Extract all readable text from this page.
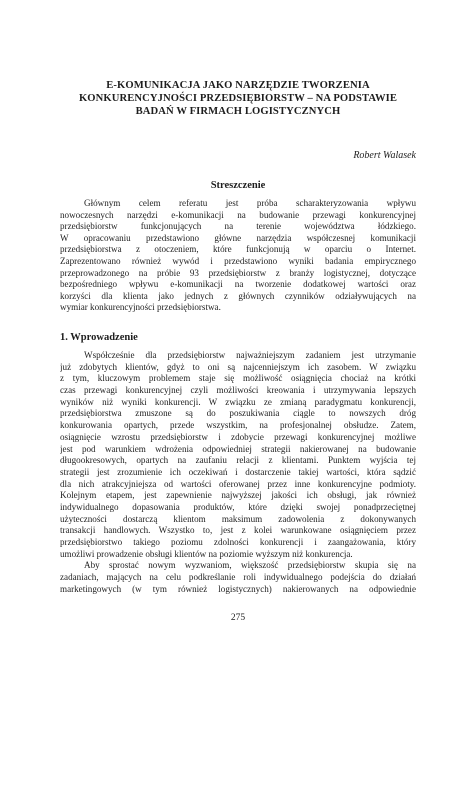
E-KOMUNIKACJA JAKO NARZĘDZIE TWORZENIA
KONKURENCYJNOŚCI PRZEDSIĘBIORSTW – NA PODSTAWIE
BADAŃ W FIRMACH LOGISTYCZNYCH
Robert Walasek
Streszczenie
Głównym celem referatu jest próba scharakteryzowania wpływu
nowoczesnych narzędzi e-komunikacji na budowanie przewagi konkurencyjnej
przedsiębiorstw funkcjonujących na terenie województwa łódzkiego.
W opracowaniu przedstawiono główne narzędzia współczesnej komunikacji
przedsiębiorstwa z otoczeniem, które funkcjonują w oparciu o Internet.
Zaprezentowano również wywód i przedstawiono wyniki badania empirycznego
przeprowadzonego na próbie 93 przedsiębiorstw z branży logistycznej, dotyczące
bezpośredniego wpływu e-komunikacji na tworzenie dodatkowej wartości oraz
korzyści dla klienta jako jednych z głównych czynników odziaływujących na
wymiar konkurencyjności przedsiębiorstwa.
1. Wprowadzenie
Współcześnie dla przedsiębiorstw najważniejszym zadaniem jest utrzymanie
już zdobytych klientów, gdyż to oni są najcenniejszym ich zasobem. W związku
z tym, kluczowym problemem staje się możliwość osiągnięcia chociaż na krótki
czas przewagi konkurencyjnej czyli możliwości kreowania i utrzymywania lepszych
wyników niż wyniki konkurencji. W związku ze zmianą paradygmatu konkurencji,
przedsiębiorstwa zmuszone są do poszukiwania ciągle to nowszych dróg
konkurowania opartych, przede wszystkim, na profesjonalnej obsłudze. Zatem,
osiągnięcie wzrostu przedsiębiorstw i zdobycie przewagi konkurencyjnej możliwe
jest pod warunkiem wdrożenia odpowiedniej strategii nakierowanej na budowanie
długookresowych, opartych na zaufaniu relacji z klientami. Punktem wyjścia tej
strategii jest zrozumienie ich oczekiwań i dostarczenie takiej wartości, która sądzić
dla nich atrakcyjniejsza od wartości oferowanej przez inne konkurencyjne podmioty.
Kolejnym etapem, jest zapewnienie najwyższej jakości ich obsługi, jak również
indywidualnego dopasowania produktów, które dzięki swojej ponadprzeciętnej
użyteczności dostarczą klientom maksimum zadowolenia z dokonywanych
transakcji handlowych. Wszystko to, jest z kolei warunkowane osiągnięciem przez
przedsiębiorstwo takiego poziomu zdolności konkurencji i zaangażowania, który
umożliwi prowadzenie obsługi klientów na poziomie wyższym niż konkurencja.
Aby sprostać nowym wyzwaniom, większość przedsiębiorstw skupia się na
zadaniach, mających na celu podkreślanie roli indywidualnego podejścia do działań
marketingowych (w tym również logistycznych) nakierowanych na odpowiednie
275
